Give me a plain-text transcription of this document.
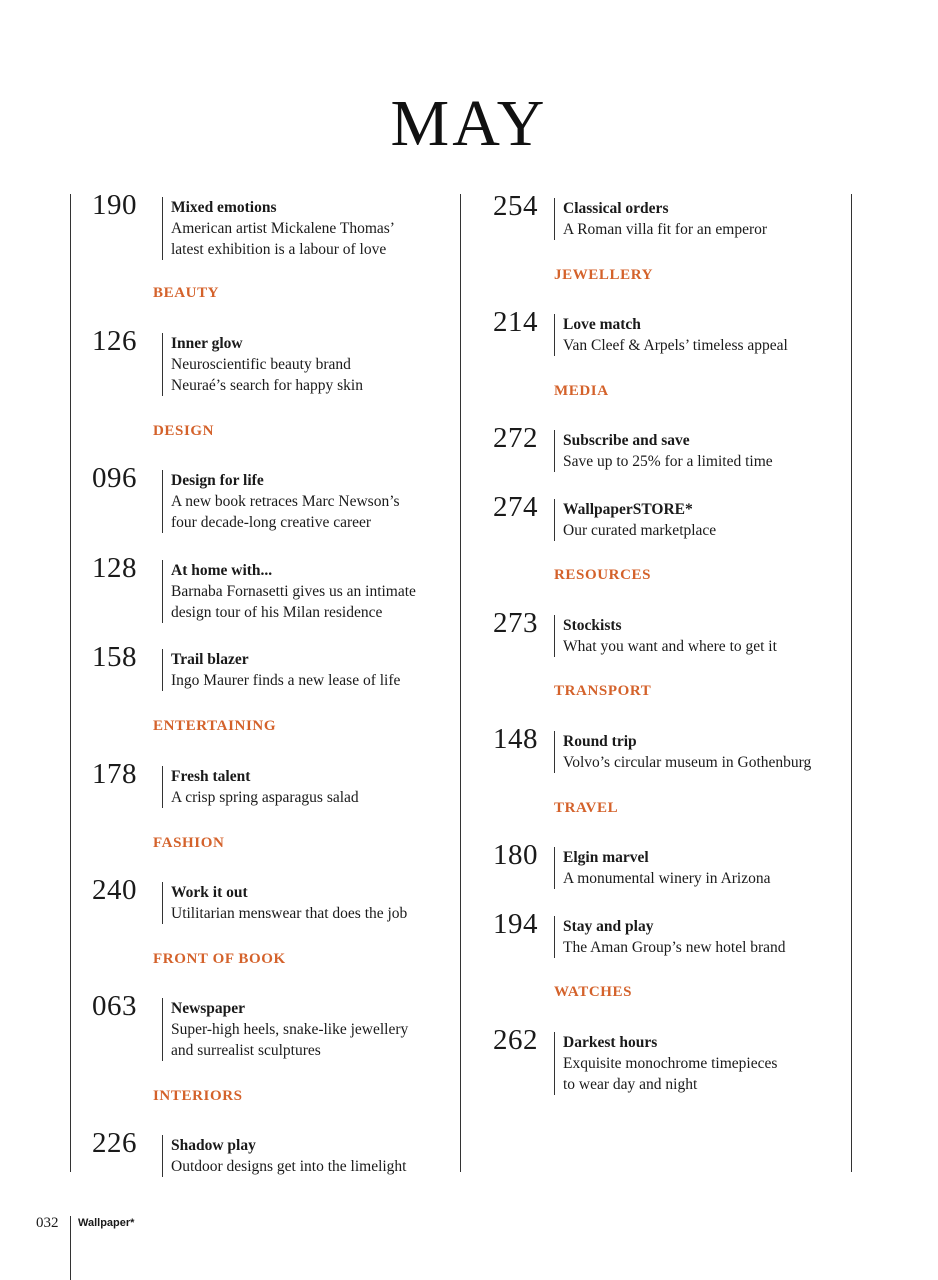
MAY
190 Mixed emotions
American artist Mickalene Thomas’
latest exhibition is a labour of love
BEAUTY
126 Inner glow
Neuroscientific beauty brand
Neuraé’s search for happy skin
DESIGN
096 Design for life
A new book retraces Marc Newson’s
four decade-long creative career
128 At home with...
Barnaba Fornasetti gives us an intimate
design tour of his Milan residence
158 Trail blazer
Ingo Maurer finds a new lease of life
ENTERTAINING
178 Fresh talent
A crisp spring asparagus salad
FASHION
240 Work it out
Utilitarian menswear that does the job
FRONT OF BOOK
063 Newspaper
Super-high heels, snake-like jewellery
and surrealist sculptures
INTERIORS
226 Shadow play
Outdoor designs get into the limelight
254 Classical orders
A Roman villa fit for an emperor
JEWELLERY
214 Love match
Van Cleef & Arpels’ timeless appeal
MEDIA
272 Subscribe and save
Save up to 25% for a limited time
274 WallpaperSTORE*
Our curated marketplace
RESOURCES
273 Stockists
What you want and where to get it
TRANSPORT
148 Round trip
Volvo’s circular museum in Gothenburg
TRAVEL
180 Elgin marvel
A monumental winery in Arizona
194 Stay and play
The Aman Group’s new hotel brand
WATCHES
262 Darkest hours
Exquisite monochrome timepieces
to wear day and night
032 Wallpaper*
